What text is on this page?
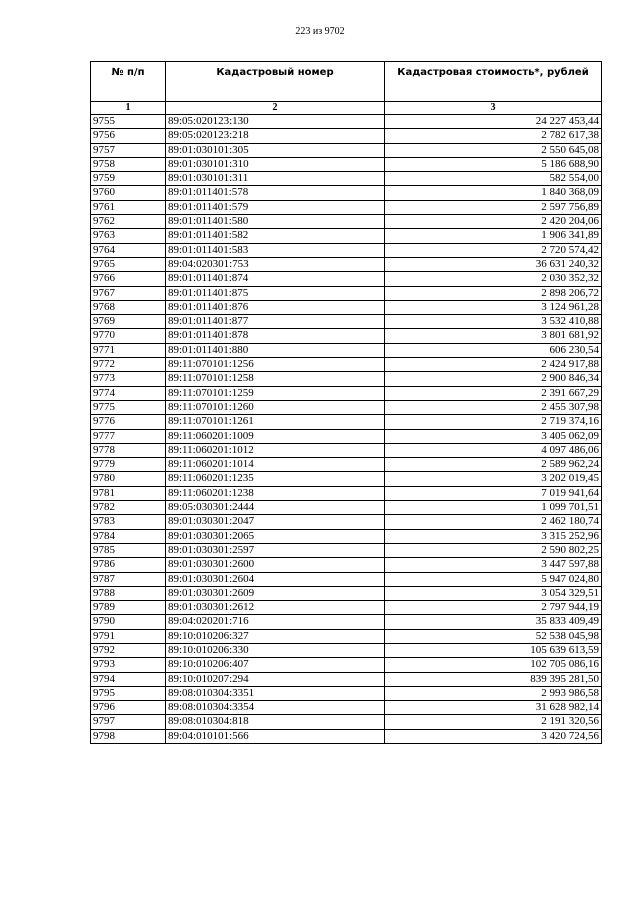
223 из 9702
№ п/п	Кадастровый номер	Кадастровая стоимость*, рублей
1	2	3
9755	89:05:020123:130	24 227 453,44
9756	89:05:020123:218	2 782 617,38
9757	89:01:030101:305	2 550 645,08
9758	89:01:030101:310	5 186 688,90
9759	89:01:030101:311	582 554,00
9760	89:01:011401:578	1 840 368,09
9761	89:01:011401:579	2 597 756,89
9762	89:01:011401:580	2 420 204,06
9763	89:01:011401:582	1 906 341,89
9764	89:01:011401:583	2 720 574,42
9765	89:04:020301:753	36 631 240,32
9766	89:01:011401:874	2 030 352,32
9767	89:01:011401:875	2 898 206,72
9768	89:01:011401:876	3 124 961,28
9769	89:01:011401:877	3 532 410,88
9770	89:01:011401:878	3 801 681,92
9771	89:01:011401:880	606 230,54
9772	89:11:070101:1256	2 424 917,88
9773	89:11:070101:1258	2 900 846,34
9774	89:11:070101:1259	2 391 667,29
9775	89:11:070101:1260	2 455 307,98
9776	89:11:070101:1261	2 719 374,16
9777	89:11:060201:1009	3 405 062,09
9778	89:11:060201:1012	4 097 486,06
9779	89:11:060201:1014	2 589 962,24
9780	89:11:060201:1235	3 202 019,45
9781	89:11:060201:1238	7 019 941,64
9782	89:05:030301:2444	1 099 701,51
9783	89:01:030301:2047	2 462 180,74
9784	89:01:030301:2065	3 315 252,96
9785	89:01:030301:2597	2 590 802,25
9786	89:01:030301:2600	3 447 597,88
9787	89:01:030301:2604	5 947 024,80
9788	89:01:030301:2609	3 054 329,51
9789	89:01:030301:2612	2 797 944,19
9790	89:04:020201:716	35 833 409,49
9791	89:10:010206:327	52 538 045,98
9792	89:10:010206:330	105 639 613,59
9793	89:10:010206:407	102 705 086,16
9794	89:10:010207:294	839 395 281,50
9795	89:08:010304:3351	2 993 986,58
9796	89:08:010304:3354	31 628 982,14
9797	89:08:010304:818	2 191 320,56
9798	89:04:010101:566	3 420 724,56
